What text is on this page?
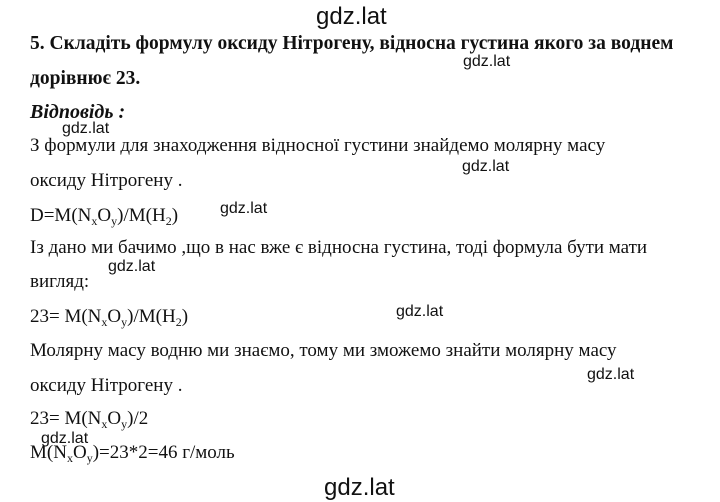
gdz.lat
gdz.lat
gdz.lat
gdz.lat
gdz.lat
gdz.lat
gdz.lat
gdz.lat
gdz.lat
gdz.lat
5. Складіть формулу оксиду Нітрогену, відносна густина якого за воднем
дорівнює 23.
Відповідь :
З формули для знаходження відносної густини знайдемо молярну масу
оксиду Нітрогену .
$D=M(N_xO_y)/M(H_2)$
Із дано ми бачимо ,що в нас вже є відносна густина, тоді формула бути мати
вигляд:
$23= M(N_xO_y)/M(H_2)$
Молярну масу водню ми знаємо, тому ми зможемо знайти молярну масу
оксиду Нітрогену .
$23= M(N_xO_y)/2$
$M(N_xO_y)=23*2=46$ г/моль
